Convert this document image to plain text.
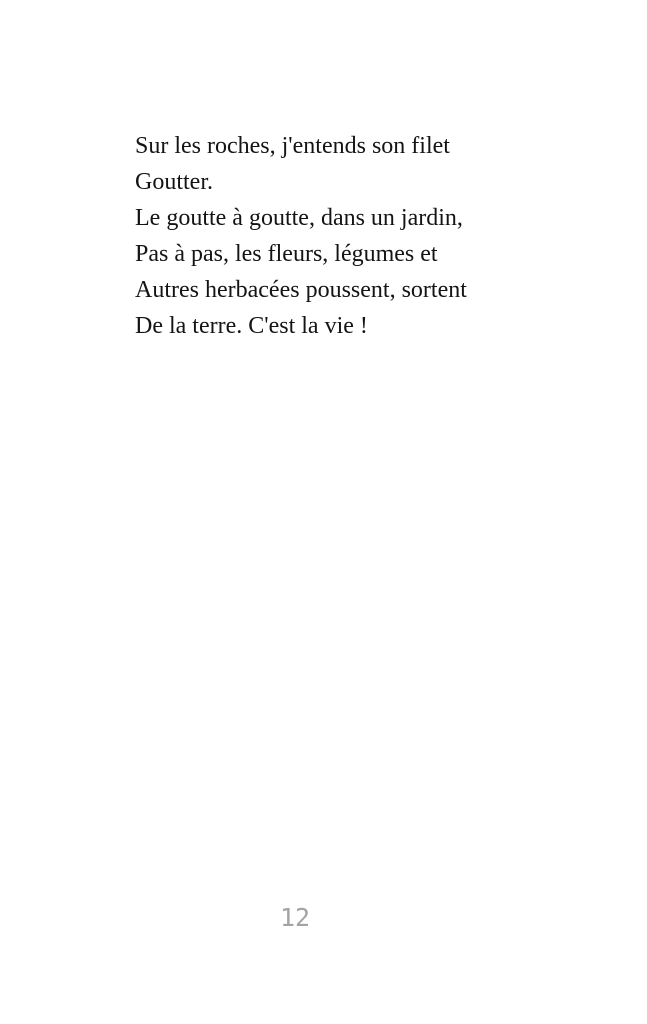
Sur les roches, j'entends son filet

Goutter.

Le goutte à goutte, dans un jardin,

Pas à pas, les fleurs, légumes et

Autres herbacées poussent, sortent

De la terre. C'est la vie !

12
